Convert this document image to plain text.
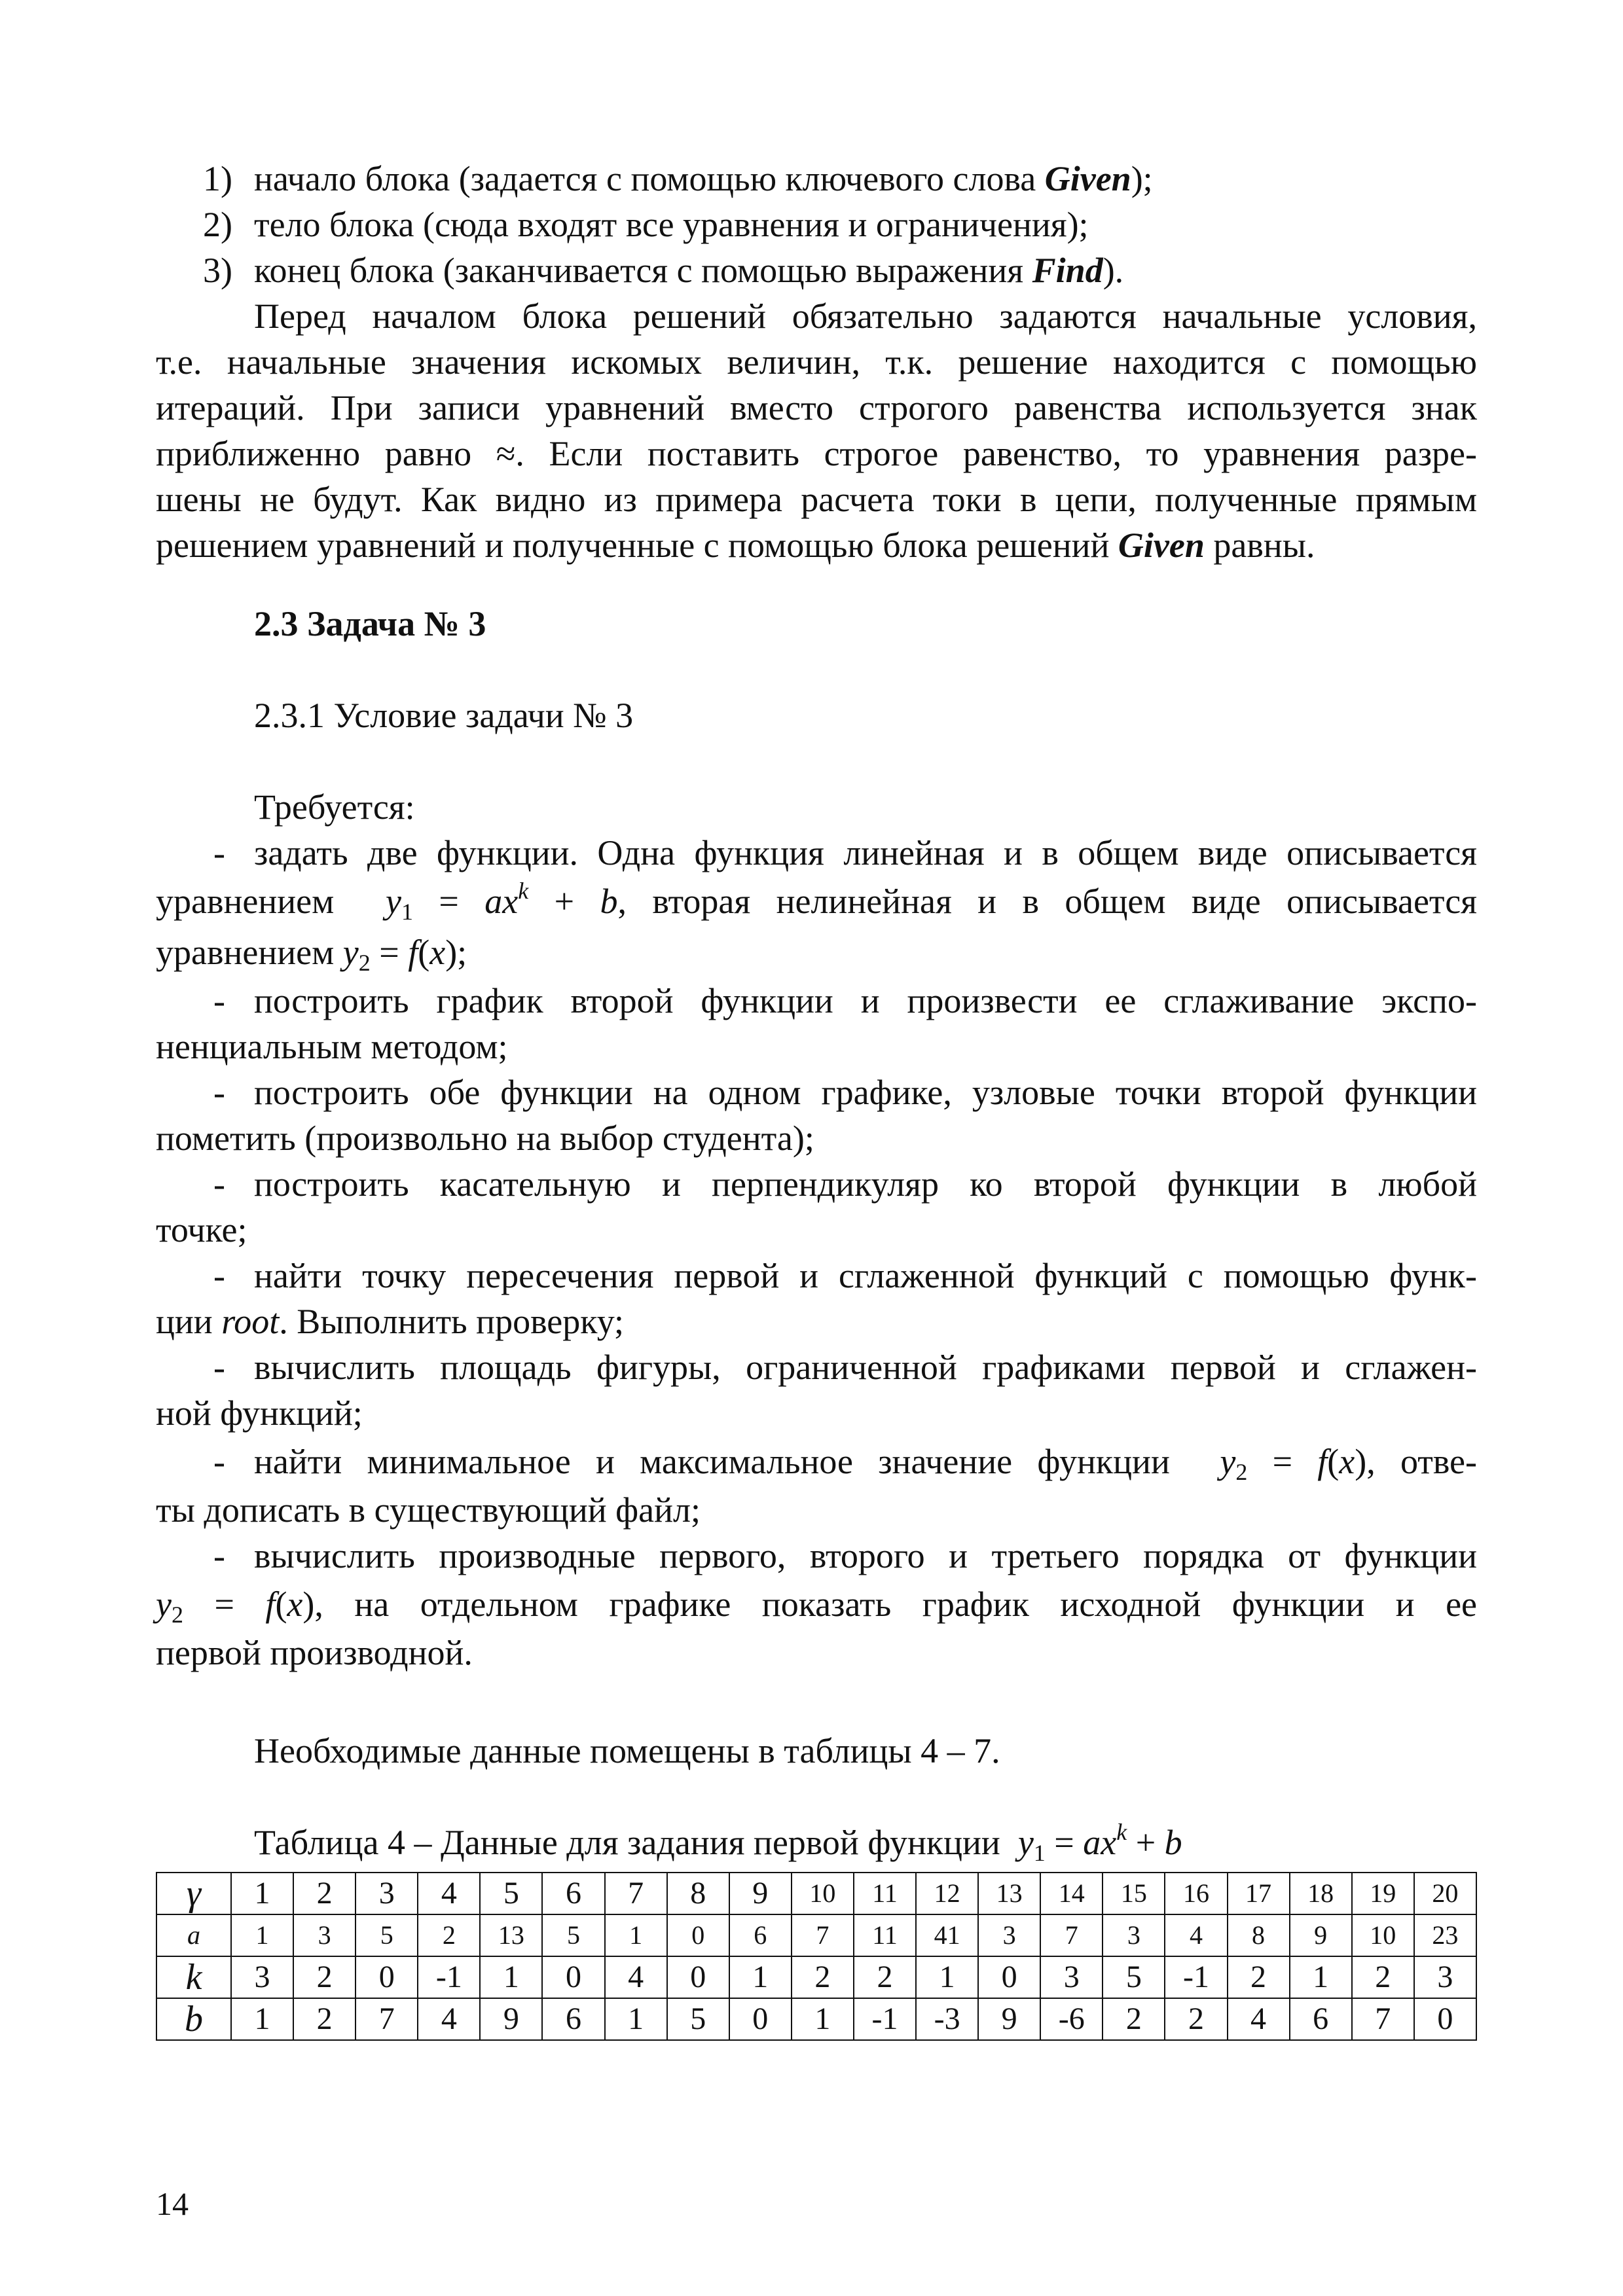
1) начало блока (задается с помощью ключевого слова Given);
2) тело блока (сюда входят все уравнения и ограничения);
3) конец блока (заканчивается с помощью выражения Find).
Перед началом блока решений обязательно задаются начальные условия,
т.е. начальные значения искомых величин, т.к. решение находится с помощью
итераций. При записи уравнений вместо строгого равенства используется знак
приближенно равно ≈. Если поставить строгое равенство, то уравнения разре-
шены не будут. Как видно из примера расчета токи в цепи, полученные прямым
решением уравнений и полученные с помощью блока решений Given равны.
2.3 Задача № 3
2.3.1 Условие задачи № 3
Требуется:
- задать две функции. Одна функция линейная и в общем виде описывается
уравнением  $y_1 = ax^k + b$, вторая нелинейная и в общем виде описывается
уравнением $y_2 = f(x)$;
- построить график второй функции и произвести ее сглаживание экспо-
ненциальным методом;
- построить обе функции на одном графике, узловые точки второй функции
пометить (произвольно на выбор студента);
- построить касательную и перпендикуляр ко второй функции в любой
точке;
- найти точку пересечения первой и сглаженной функций с помощью функ-
ции root. Выполнить проверку;
- вычислить площадь фигуры, ограниченной графиками первой и сглажен-
ной функций;
- найти минимальное и максимальное значение функции  $y_2 = f(x)$, отве-
ты дописать в существующий файл;
- вычислить производные первого, второго и третьего порядка от функции
$y_2 = f(x)$, на отдельном графике показать график исходной функции и ее
первой производной.
Необходимые данные помещены в таблицы 4 – 7.
Таблица 4 – Данные для задания первой функции  $y_1 = ax^k + b$
γ	1	2	3	4	5	6	7	8	9	10	11	12	13	14	15	16	17	18	19	20
a	1	3	5	2	13	5	1	0	6	7	11	41	3	7	3	4	8	9	10	23
k	3	2	0	-1	1	0	4	0	1	2	2	1	0	3	5	-1	2	1	2	3
b	1	2	7	4	9	6	1	5	0	1	-1	-3	9	-6	2	2	4	6	7	0
14
